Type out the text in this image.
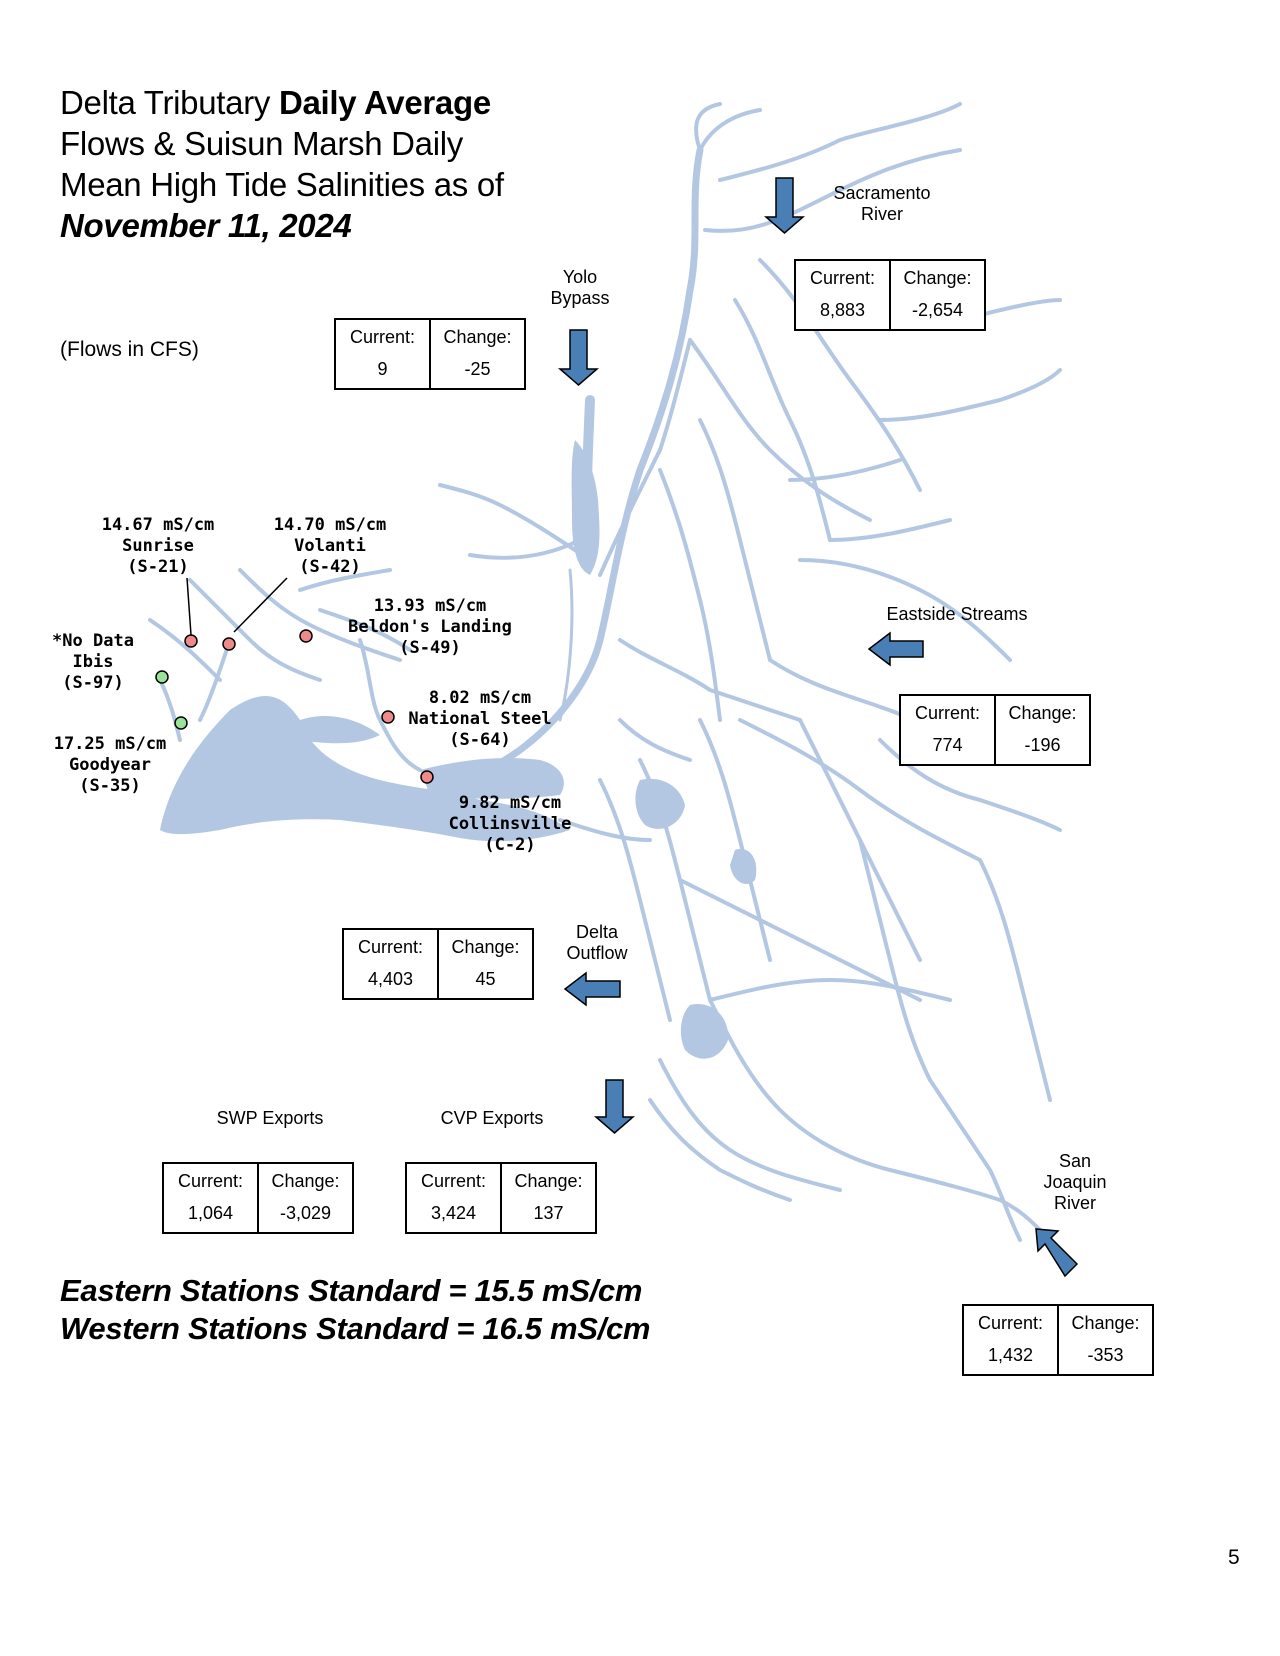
Delta Tributary Daily Average
Flows & Suisun Marsh Daily
Mean High Tide Salinities as of
November 11, 2024
(Flows in CFS)
Sacramento
River
Current:
8,883
Change:
-2,654
Yolo
Bypass
Current:
9
Change:
-25
Eastside Streams
Current:
774
Change:
-196
Delta
Outflow
Current:
4,403
Change:
45
SWP Exports
Current:
1,064
Change:
-3,029
CVP Exports
Current:
3,424
Change:
137
San
Joaquin
River
Current:
1,432
Change:
-353
14.67 mS/cm
Sunrise
(S-21)
14.70 mS/cm
Volanti
(S-42)
13.93 mS/cm
Beldon's Landing
(S-49)
*No Data
Ibis
(S-97)
17.25 mS/cm
Goodyear
(S-35)
8.02 mS/cm
National Steel
(S-64)
9.82 mS/cm
Collinsville
(C-2)
Eastern Stations Standard = 15.5 mS/cm
Western Stations Standard = 16.5 mS/cm
5
